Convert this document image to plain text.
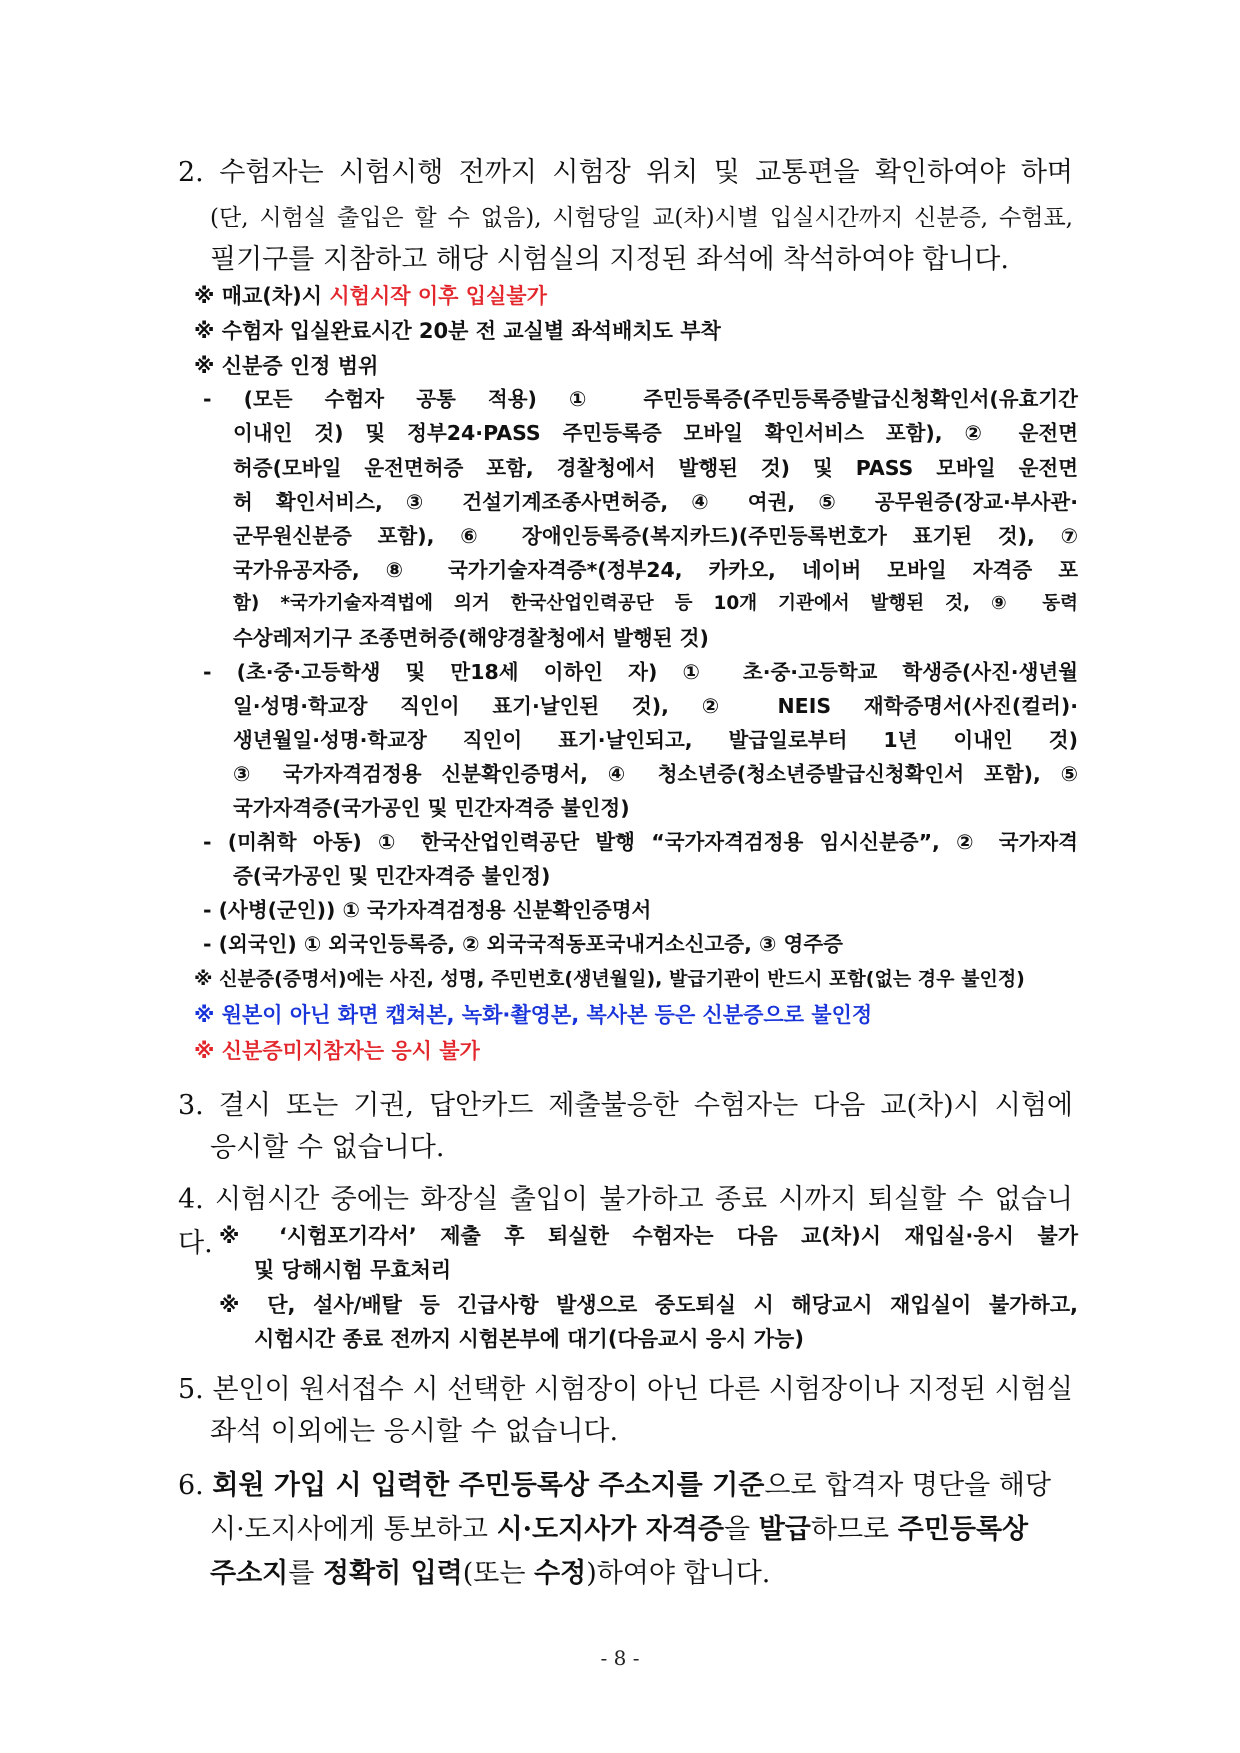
2. 수험자는 시험시행 전까지 시험장 위치 및 교통편을 확인하여야 하며
(단, 시험실 출입은 할 수 없음), 시험당일 교(차)시별 입실시간까지 신분증, 수험표,
필기구를 지참하고 해당 시험실의 지정된 좌석에 착석하여야 합니다.
※ 매교(차)시 시험시작 이후 입실불가
※ 수험자 입실완료시간 20분 전 교실별 좌석배치도 부착
※ 신분증 인정 범위
- (모든 수험자 공통 적용) ① 주민등록증(주민등록증발급신청확인서(유효기간
이내인 것) 및 정부24·PASS 주민등록증 모바일 확인서비스 포함), ② 운전면
허증(모바일 운전면허증 포함, 경찰청에서 발행된 것) 및 PASS 모바일 운전면
허 확인서비스, ③ 건설기계조종사면허증, ④ 여권, ⑤ 공무원증(장교·부사관·
군무원신분증 포함), ⑥ 장애인등록증(복지카드)(주민등록번호가 표기된 것), ⑦
국가유공자증, ⑧ 국가기술자격증*(정부24, 카카오, 네이버 모바일 자격증 포
함) *국가기술자격법에 의거 한국산업인력공단 등 10개 기관에서 발행된 것, ⑨ 동력
수상레저기구 조종면허증(해양경찰청에서 발행된 것)
- (초·중·고등학생 및 만18세 이하인 자) ① 초·중·고등학교 학생증(사진·생년월
일·성명·학교장 직인이 표기·날인된 것), ② NEIS 재학증명서(사진(컬러)·
생년월일·성명·학교장 직인이 표기·날인되고, 발급일로부터 1년 이내인 것)
③ 국가자격검정용 신분확인증명서, ④ 청소년증(청소년증발급신청확인서 포함), ⑤
국가자격증(국가공인 및 민간자격증 불인정)
- (미취학 아동) ① 한국산업인력공단 발행 “국가자격검정용 임시신분증”, ② 국가자격
증(국가공인 및 민간자격증 불인정)
- (사병(군인)) ① 국가자격검정용 신분확인증명서
- (외국인) ① 외국인등록증, ② 외국국적동포국내거소신고증, ③ 영주증
※ 신분증(증명서)에는 사진, 성명, 주민번호(생년월일), 발급기관이 반드시 포함(없는 경우 불인정)
※ 원본이 아닌 화면 캡쳐본, 녹화·촬영본, 복사본 등은 신분증으로 불인정
※ 신분증미지참자는 응시 불가
3. 결시 또는 기권, 답안카드 제출불응한 수험자는 다음 교(차)시 시험에
응시할 수 없습니다.
4. 시험시간 중에는 화장실 출입이 불가하고 종료 시까지 퇴실할 수 없습니다. ※ ‘시험포기각서’ 제출 후 퇴실한 수험자는 다음 교(차)시 재입실·응시 불가
및 당해시험 무효처리
※ 단, 설사/배탈 등 긴급사항 발생으로 중도퇴실 시 해당교시 재입실이 불가하고,
시험시간 종료 전까지 시험본부에 대기(다음교시 응시 가능)
5. 본인이 원서접수 시 선택한 시험장이 아닌 다른 시험장이나 지정된 시험실
좌석 이외에는 응시할 수 없습니다.
6. 회원 가입 시 입력한 주민등록상 주소지를 기준으로 합격자 명단을 해당
시·도지사에게 통보하고 시·도지사가 자격증을 발급하므로 주민등록상
주소지를 정확히 입력(또는 수정)하여야 합니다.
- 8 -
